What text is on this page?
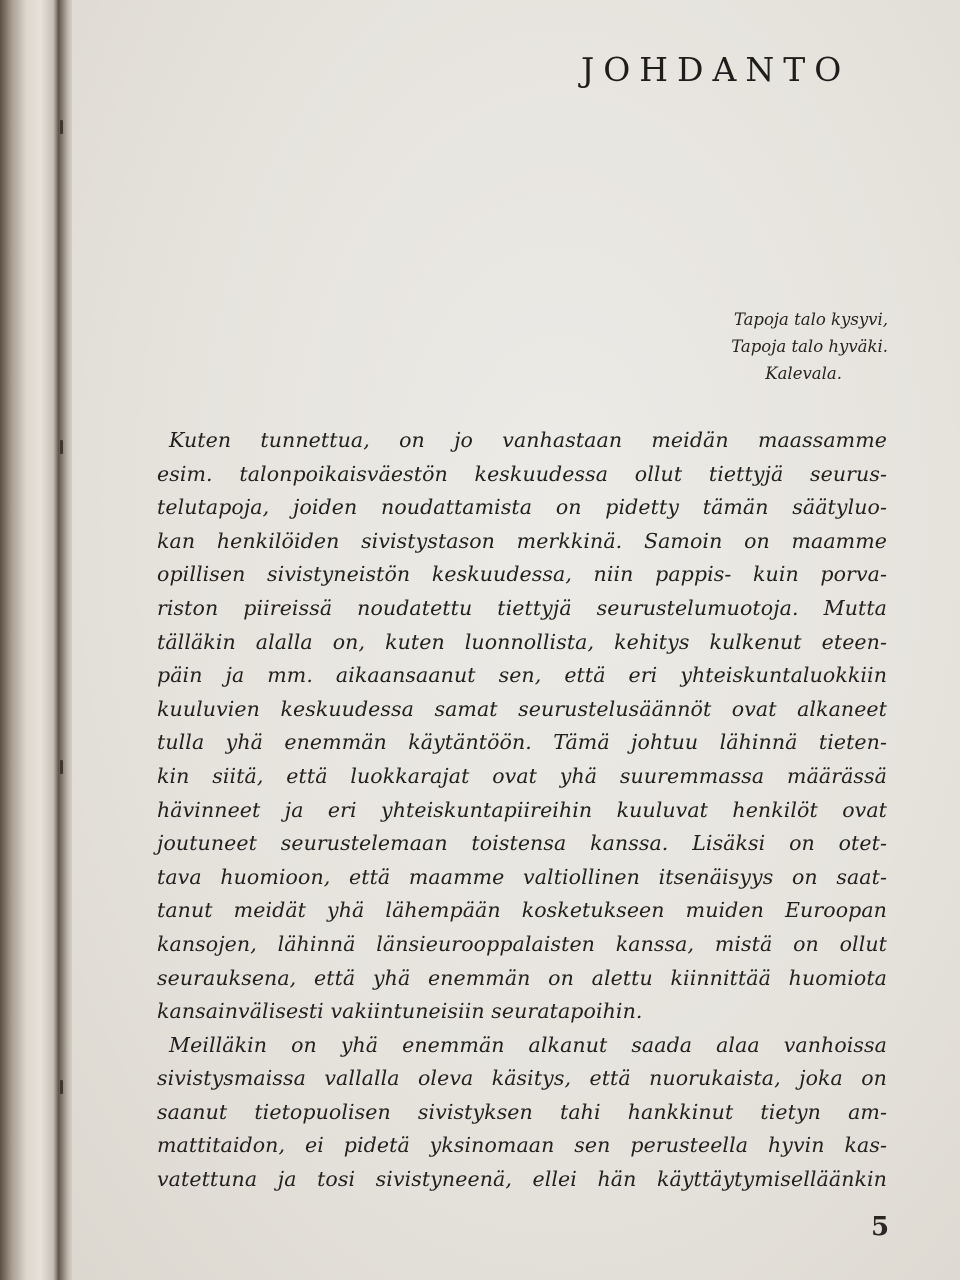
JOHDANTO
Tapoja talo kysyvi,
Tapoja talo hyväki.
Kalevala.
Kuten tunnettua, on jo vanhastaan meidän maassamme
esim. talonpoikaisväestön keskuudessa ollut tiettyjä seurus-
telutapoja, joiden noudattamista on pidetty tämän säätyluo-
kan henkilöiden sivistystason merkkinä. Samoin on maamme
opillisen sivistyneistön keskuudessa, niin pappis- kuin porva-
riston piireissä noudatettu tiettyjä seurustelumuotoja. Mutta
tälläkin alalla on, kuten luonnollista, kehitys kulkenut eteen-
päin ja mm. aikaansaanut sen, että eri yhteiskuntaluokkiin
kuuluvien keskuudessa samat seurustelusäännöt ovat alkaneet
tulla yhä enemmän käytäntöön. Tämä johtuu lähinnä tieten-
kin siitä, että luokkarajat ovat yhä suuremmassa määrässä
hävinneet ja eri yhteiskuntapiireihin kuuluvat henkilöt ovat
joutuneet seurustelemaan toistensa kanssa. Lisäksi on otet-
tava huomioon, että maamme valtiollinen itsenäisyys on saat-
tanut meidät yhä lähempään kosketukseen muiden Euroopan
kansojen, lähinnä länsieurooppalaisten kanssa, mistä on ollut
seurauksena, että yhä enemmän on alettu kiinnittää huomiota
kansainvälisesti vakiintuneisiin seuratapoihin.
Meilläkin on yhä enemmän alkanut saada alaa vanhoissa
sivistysmaissa vallalla oleva käsitys, että nuorukaista, joka on
saanut tietopuolisen sivistyksen tahi hankkinut tietyn am-
mattitaidon, ei pidetä yksinomaan sen perusteella hyvin kas-
vatettuna ja tosi sivistyneenä, ellei hän käyttäytymiselläänkin
5
